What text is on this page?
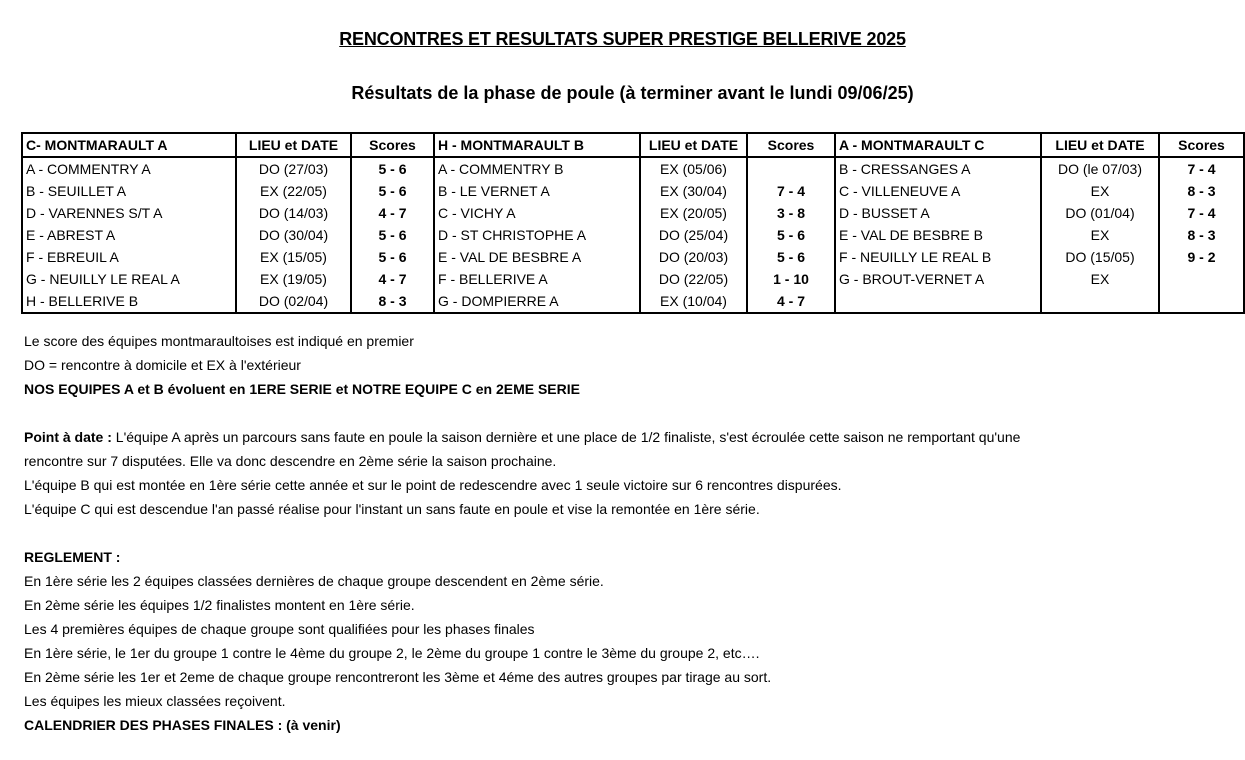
RENCONTRES ET RESULTATS SUPER PRESTIGE BELLERIVE 2025
Résultats de la phase de poule (à terminer avant le lundi 09/06/25)
C- MONTMARAULT A	LIEU et DATE	Scores	H - MONTMARAULT B	LIEU et DATE	Scores	A - MONTMARAULT C	LIEU et DATE	Scores
A - COMMENTRY A	DO (27/03)	5 - 6	A - COMMENTRY B	EX (05/06)		B - CRESSANGES A	DO (le 07/03)	7 - 4
B - SEUILLET A	EX (22/05)	5 - 6	B - LE VERNET A	EX (30/04)	7 - 4	C - VILLENEUVE A	EX	8 - 3
D - VARENNES S/T A	DO (14/03)	4 - 7	C - VICHY A	EX (20/05)	3 - 8	D - BUSSET A	DO (01/04)	7 - 4
E - ABREST A	DO (30/04)	5 - 6	D - ST CHRISTOPHE A	DO (25/04)	5 - 6	E - VAL DE BESBRE B	EX	8 - 3
F - EBREUIL A	EX (15/05)	5 - 6	E - VAL DE BESBRE A	DO (20/03)	5 - 6	F - NEUILLY LE REAL B	DO (15/05)	9 - 2
G - NEUILLY LE REAL A	EX (19/05)	4 - 7	F - BELLERIVE A	DO (22/05)	1 - 10	G - BROUT-VERNET A	EX	
H - BELLERIVE B	DO (02/04)	8 - 3	G - DOMPIERRE A	EX (10/04)	4 - 7			

Le score des équipes montmaraultoises est indiqué en premier

DO = rencontre à domicile et EX à l'extérieur

NOS EQUIPES A et B évoluent en 1ERE SERIE et NOTRE EQUIPE C en 2EME SERIE

Point à date : L'équipe A après un parcours sans faute en poule la saison dernière et une place de 1/2 finaliste, s'est écroulée cette saison ne remportant qu'une

rencontre sur 7 disputées. Elle va donc descendre en 2ème série la saison prochaine.

L'équipe B qui est montée en 1ère série cette année et sur le point de redescendre avec 1 seule victoire sur 6 rencontres dispurées.

L'équipe C qui est descendue l'an passé réalise pour l'instant un sans faute en poule et vise la remontée en 1ère série.

REGLEMENT :

En 1ère série les 2 équipes classées dernières de chaque groupe descendent en 2ème série.

En 2ème série les équipes 1/2 finalistes montent en 1ère série.

Les 4 premières équipes de chaque groupe sont qualifiées pour les phases finales

En 1ère série, le 1er du groupe 1 contre le 4ème du groupe 2, le 2ème du groupe 1 contre le 3ème du groupe 2, etc….

En 2ème série les 1er et 2eme de chaque groupe rencontreront les 3ème et 4éme des autres groupes par tirage au sort.

Les équipes les mieux classées reçoivent.

CALENDRIER DES PHASES FINALES : (à venir)
